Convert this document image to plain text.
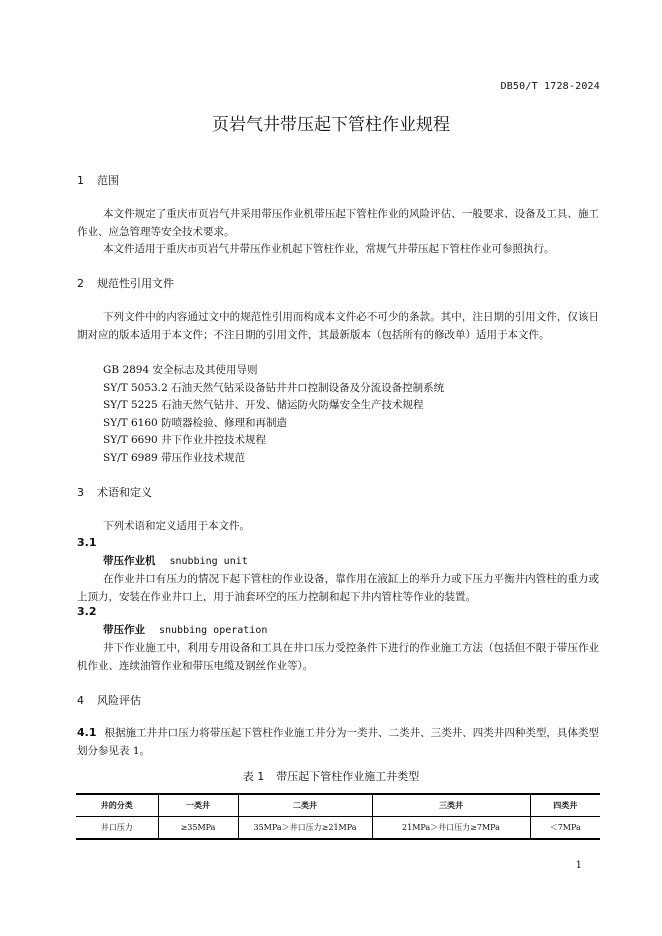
DB50/T 1728-2024
页岩气井带压起下管柱作业规程
1 范围
本文件规定了重庆市页岩气井采用带压作业机带压起下管柱作业的风险评估、一般要求、设备及工具、施工作业、应急管理等安全技术要求。
本文件适用于重庆市页岩气井带压作业机起下管柱作业，常规气井带压起下管柱作业可参照执行。
2 规范性引用文件
下列文件中的内容通过文中的规范性引用而构成本文件必不可少的条款。其中，注日期的引用文件，仅该日期对应的版本适用于本文件；不注日期的引用文件，其最新版本（包括所有的修改单）适用于本文件。
GB 2894 安全标志及其使用导则
SY/T 5053.2 石油天然气钻采设备钻井井口控制设备及分流设备控制系统
SY/T 5225 石油天然气钻井、开发、储运防火防爆安全生产技术规程
SY/T 6160 防喷器检验、修理和再制造
SY/T 6690 井下作业井控技术规程
SY/T 6989 带压作业技术规范
3 术语和定义
下列术语和定义适用于本文件。
3.1
带压作业机 snubbing unit
在作业井口有压力的情况下起下管柱的作业设备，靠作用在液缸上的举升力或下压力平衡井内管柱的重力或上顶力，安装在作业井口上，用于油套环空的压力控制和起下井内管柱等作业的装置。
3.2
带压作业 snubbing operation
井下作业施工中，利用专用设备和工具在井口压力受控条件下进行的作业施工方法（包括但不限于带压作业机作业、连续油管作业和带压电缆及钢丝作业等）。
4 风险评估
4.1 根据施工井井口压力将带压起下管柱作业施工井分为一类井、二类井、三类井、四类井四种类型，具体类型划分参见表 1。
表 1 带压起下管柱作业施工井类型
井的分类	一类井	二类井	三类井	四类井
井口压力	≥35MPa	35MPa＞井口压力≥21MPa	21MPa＞井口压力≥7MPa	＜7MPa
1
